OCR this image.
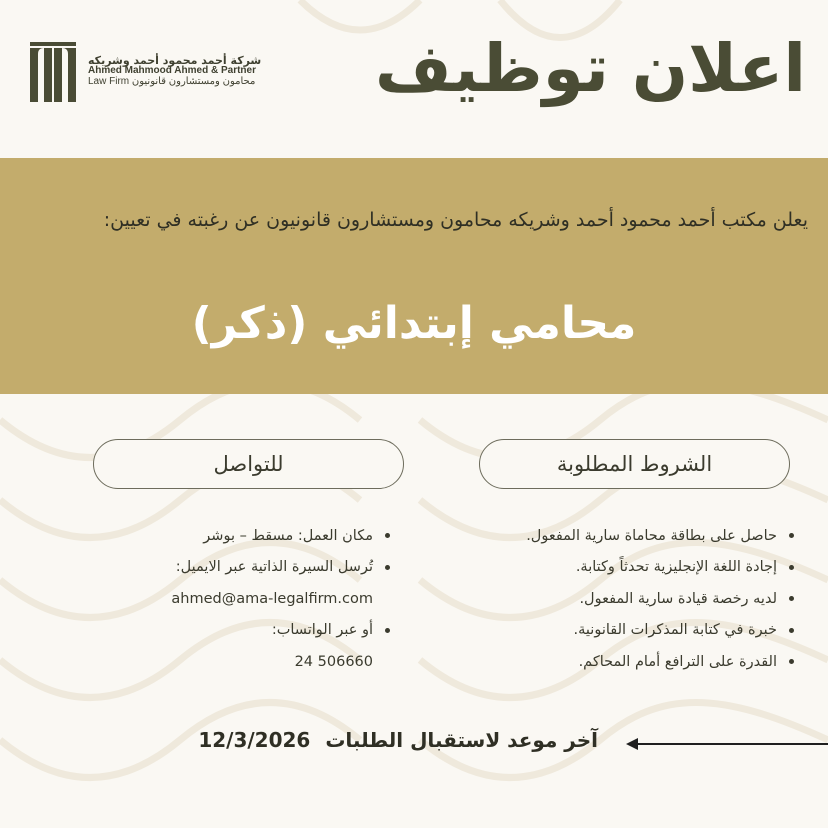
شركة أحمد محمود أحمد وشريكه
Ahmed Mahmood Ahmed & Partner
Law Firm محامون ومستشارون قانونيون اعلان توظيف
يعلن مكتب أحمد محمود أحمد وشريكه محامون ومستشارون قانونيون عن رغبته في تعيين:
محامي إبتدائي (ذكر)
الشروط المطلوبة
للتواصل
حاصل على بطاقة محاماة سارية المفعول.
إجادة اللغة الإنجليزية تحدثاً وكتابة.
لديه رخصة قيادة سارية المفعول.
خبرة في كتابة المذكرات القانونية.
القدرة على الترافع أمام المحاكم.
مكان العمل: مسقط – بوشر
تُرسل السيرة الذاتية عبر الايميل:
ahmed@ama-legalfirm.com
أو عبر الواتساب:
24 506660
آخر موعد لاستقبال الطلبات 12/3/2026
